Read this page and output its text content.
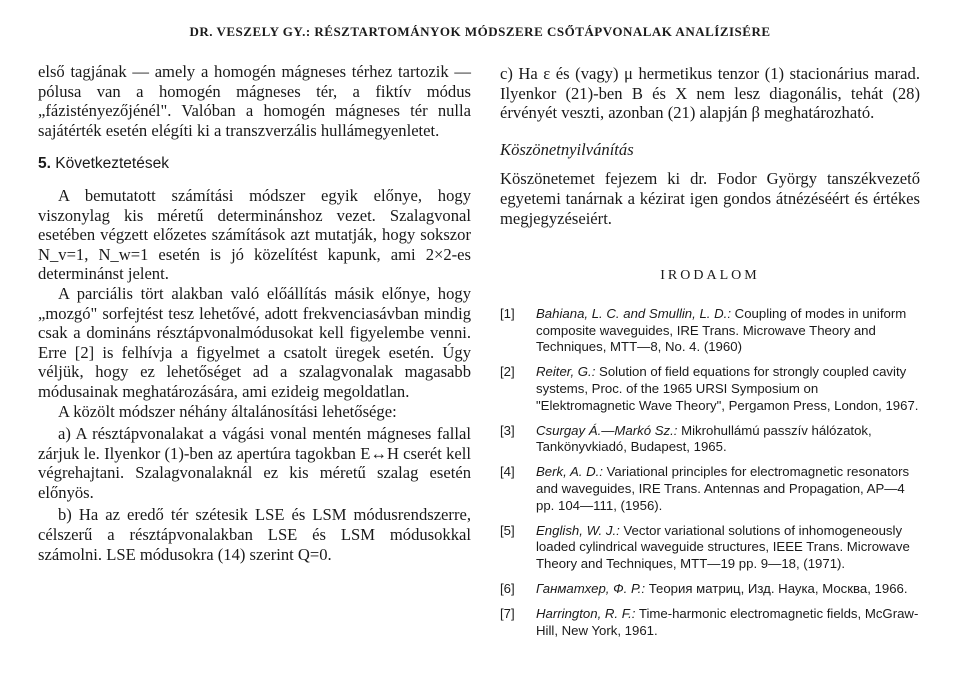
DR. VESZELY GY.: RÉSZTARTOMÁNYOK MÓDSZERE CSŐTÁPVONALAK ANALÍZISÉRE

első tagjának — amely a homogén mágneses térhez tartozik — pólusa van a homogén mágneses tér, a fiktív módus „fázistényezőjénél". Valóban a homogén mágneses tér nulla sajátérték esetén elégíti ki a transzverzális hullámegyenletet.

5. Következtetések

A bemutatott számítási módszer egyik előnye, hogy viszonylag kis méretű determinánshoz vezet. Szalagvonal esetében végzett előzetes számítások azt mutatják, hogy sokszor N_v=1, N_w=1 esetén is jó közelítést kapunk, ami 2×2-es determinánst jelent.

A parciális tört alakban való előállítás másik előnye, hogy „mozgó" sorfejtést tesz lehetővé, adott frekvenciasávban mindig csak a domináns résztápvonalmódusokat kell figyelembe venni. Erre [2] is felhívja a figyelmet a csatolt üregek esetén. Úgy véljük, hogy ez lehetőséget ad a szalagvonalak magasabb módusainak meghatározására, ami ezideig megoldatlan.

A közölt módszer néhány általánosítási lehetősége:

a) A résztápvonalakat a vágási vonal mentén mágneses fallal zárjuk le. Ilyenkor (1)-ben az apertúra tagokban E↔H cserét kell végrehajtani. Szalagvonalaknál ez kis méretű szalag esetén előnyös.

b) Ha az eredő tér szétesik LSE és LSM módusrendszerre, célszerű a résztápvonalakban LSE és LSM módusokkal számolni. LSE módusokra (14) szerint Q=0.

c) Ha ε és (vagy) μ hermetikus tenzor (1) stacionárius marad. Ilyenkor (21)-ben B és X nem lesz diagonális, tehát (28) érvényét veszti, azonban (21) alapján β meghatározható.

Köszönetnyilvánítás

Köszönetemet fejezem ki dr. Fodor György tanszékvezető egyetemi tanárnak a kézirat igen gondos átnézéséért és értékes megjegyzéseiért.

IRODALOM
[1] Bahiana, L. C. and Smullin, L. D.: Coupling of modes in uniform composite waveguides, IRE Trans. Microwave Theory and Techniques, MTT—8, No. 4. (1960)
[2] Reiter, G.: Solution of field equations for strongly coupled cavity systems, Proc. of the 1965 URSI Symposium on "Elektromagnetic Wave Theory", Pergamon Press, London, 1967.
[3] Csurgay Á.—Markó Sz.: Mikrohullámú passzív hálózatok, Tankönyvkiadó, Budapest, 1965.
[4] Berk, A. D.: Variational principles for electromagnetic resonators and waveguides, IRE Trans. Antennas and Propagation, AP—4 pp. 104—111, (1956).
[5] English, W. J.: Vector variational solutions of inhomogeneously loaded cylindrical waveguide structures, IEEE Trans. Microwave Theory and Techniques, MTT—19 pp. 9—18, (1971).
[6] Ганматхер, Ф. Р.: Теория матриц, Изд. Наука, Москва, 1966.
[7] Harrington, R. F.: Time-harmonic electromagnetic fields, McGraw-Hill, New York, 1961.
